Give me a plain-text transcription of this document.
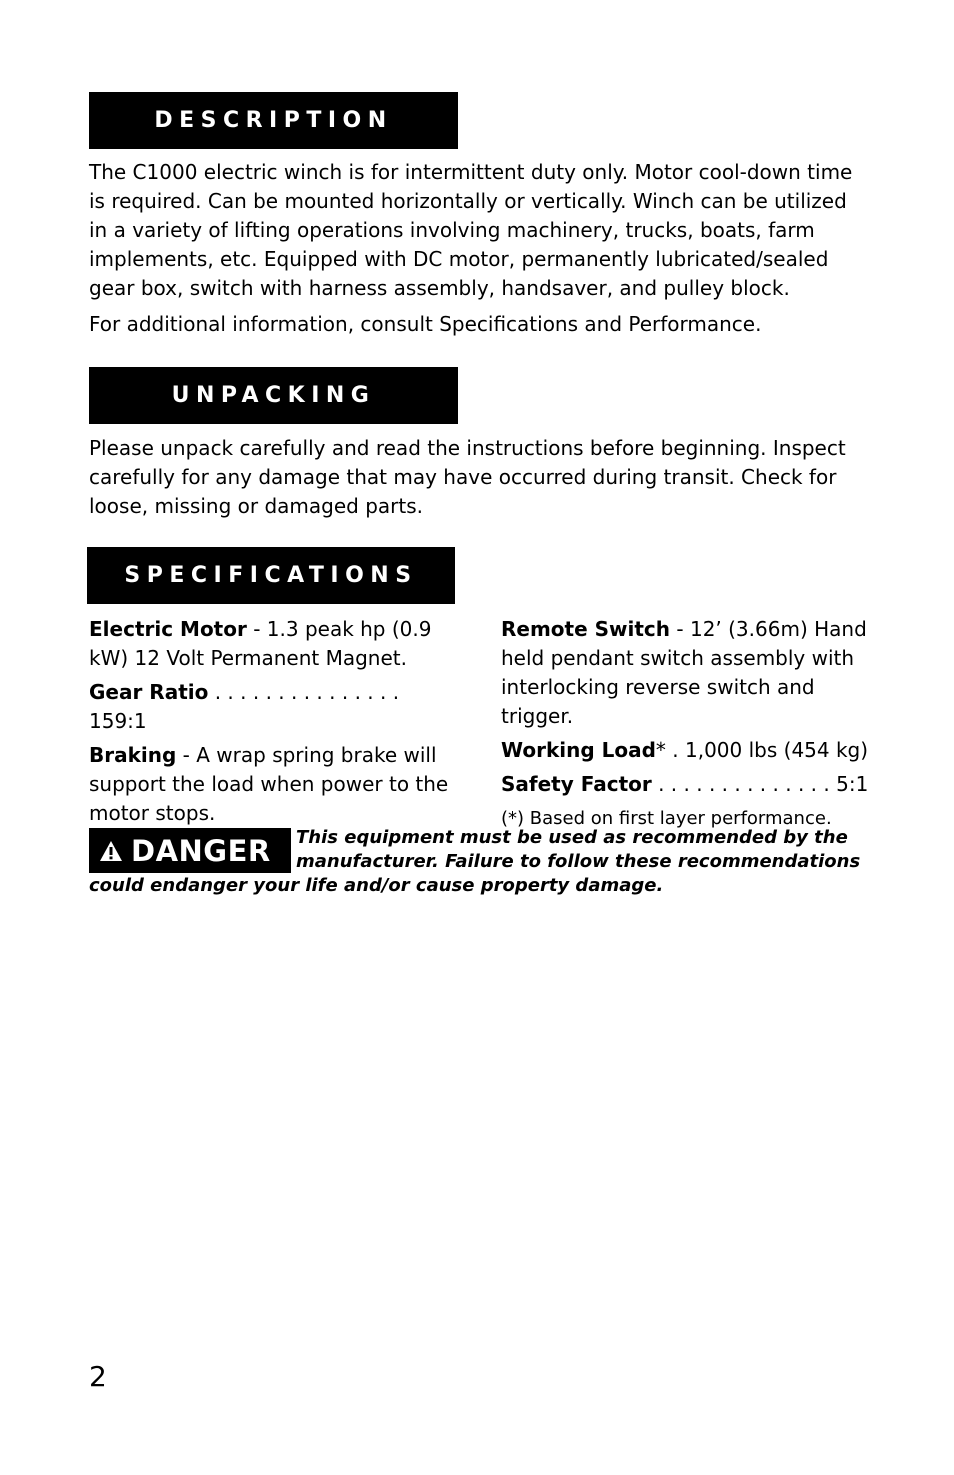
DESCRIPTION

The C1000 electric winch is for intermittent duty only. Motor cool-down time is required. Can be mounted horizontally or vertically. Winch can be utilized in a variety of lifting operations involving machinery, trucks, boats, farm implements, etc. Equipped with DC motor, permanently lubricated/sealed gear box, switch with harness assembly, handsaver, and pulley block.

For additional information, consult Specifications and Performance.

UNPACKING

Please unpack carefully and read the instructions before beginning. Inspect carefully for any damage that may have occurred during transit. Check for loose, missing or damaged parts.

SPECIFICATIONS

Electric Motor - 1.3 peak hp (0.9 kW) 12 Volt Permanent Magnet.

Gear Ratio . . . . . . . . . . . . . . . 159:1

Braking - A wrap spring brake will support the load when power to the motor stops.

Remote Switch - 12’ (3.66m) Hand held pendant switch assembly with interlocking reverse switch and trigger.

Working Load* . 1,000 lbs (454 kg)

Safety Factor . . . . . . . . . . . . . . 5:1

(*) Based on first layer performance.

DANGER	This equipment must be used as recommended by the manufacturer. Failure to follow these recommendations could endanger your life and/or cause property damage.
2
